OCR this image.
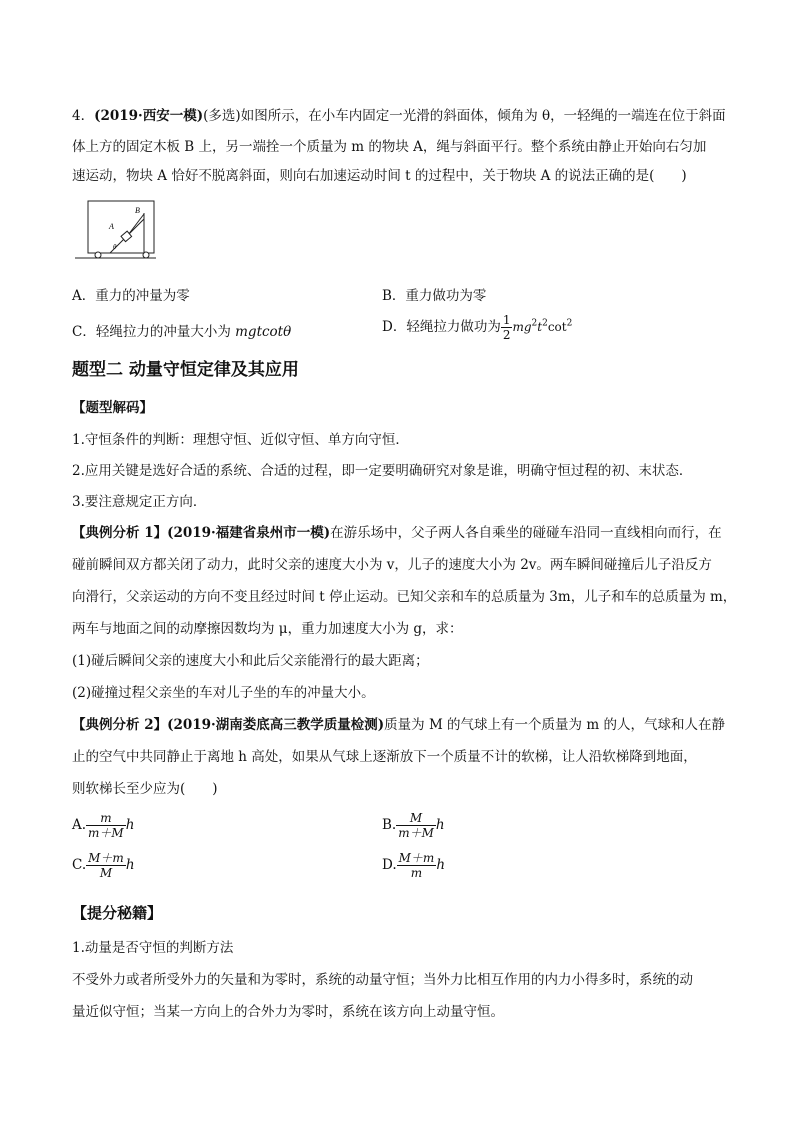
4．(2019·西安一模)(多选)如图所示，在小车内固定一光滑的斜面体，倾角为 θ，一轻绳的一端连在位于斜面
体上方的固定木板 B 上，另一端拴一个质量为 m 的物块 A，绳与斜面平行。整个系统由静止开始向右匀加
速运动，物块 A 恰好不脱离斜面，则向右加速运动时间 t 的过程中，关于物块 A 的说法正确的是(　　)
A
B
θ
A．重力的冲量为零	B．重力做功为零
C．轻绳拉力的冲量大小为 mgtcotθ	D．轻绳拉力做功为 $\frac{1}{2} mg^2t^2\cot^2$
题型二 动量守恒定律及其应用
【题型解码】
1.守恒条件的判断：理想守恒、近似守恒、单方向守恒．
2.应用关键是选好合适的系统、合适的过程，即一定要明确研究对象是谁，明确守恒过程的初、末状态．
3.要注意规定正方向．
【典例分析 1】(2019·福建省泉州市一模)在游乐场中，父子两人各自乘坐的碰碰车沿同一直线相向而行，在
碰前瞬间双方都关闭了动力，此时父亲的速度大小为 v，儿子的速度大小为 2v。两车瞬间碰撞后儿子沿反方
向滑行，父亲运动的方向不变且经过时间 t 停止运动。已知父亲和车的总质量为 3m，儿子和车的总质量为 m，
两车与地面之间的动摩擦因数均为 μ，重力加速度大小为 g，求：
(1)碰后瞬间父亲的速度大小和此后父亲能滑行的最大距离；
(2)碰撞过程父亲坐的车对儿子坐的车的冲量大小。
【典例分析 2】(2019·湖南娄底高三教学质量检测)质量为 M 的气球上有一个质量为 m 的人，气球和人在静
止的空气中共同静止于离地 h 高处，如果从气球上逐渐放下一个质量不计的软梯，让人沿软梯降到地面，
则软梯长至少应为(　　)
A. $\frac{m}{m+M}$ h	B. $\frac{M}{m+M}$ h
C. $\frac{M+m}{M}$ h	D. $\frac{M+m}{m}$ h
【提分秘籍】
1.动量是否守恒的判断方法
不受外力或者所受外力的矢量和为零时，系统的动量守恒；当外力比相互作用的内力小得多时，系统的动
量近似守恒；当某一方向上的合外力为零时，系统在该方向上动量守恒。
